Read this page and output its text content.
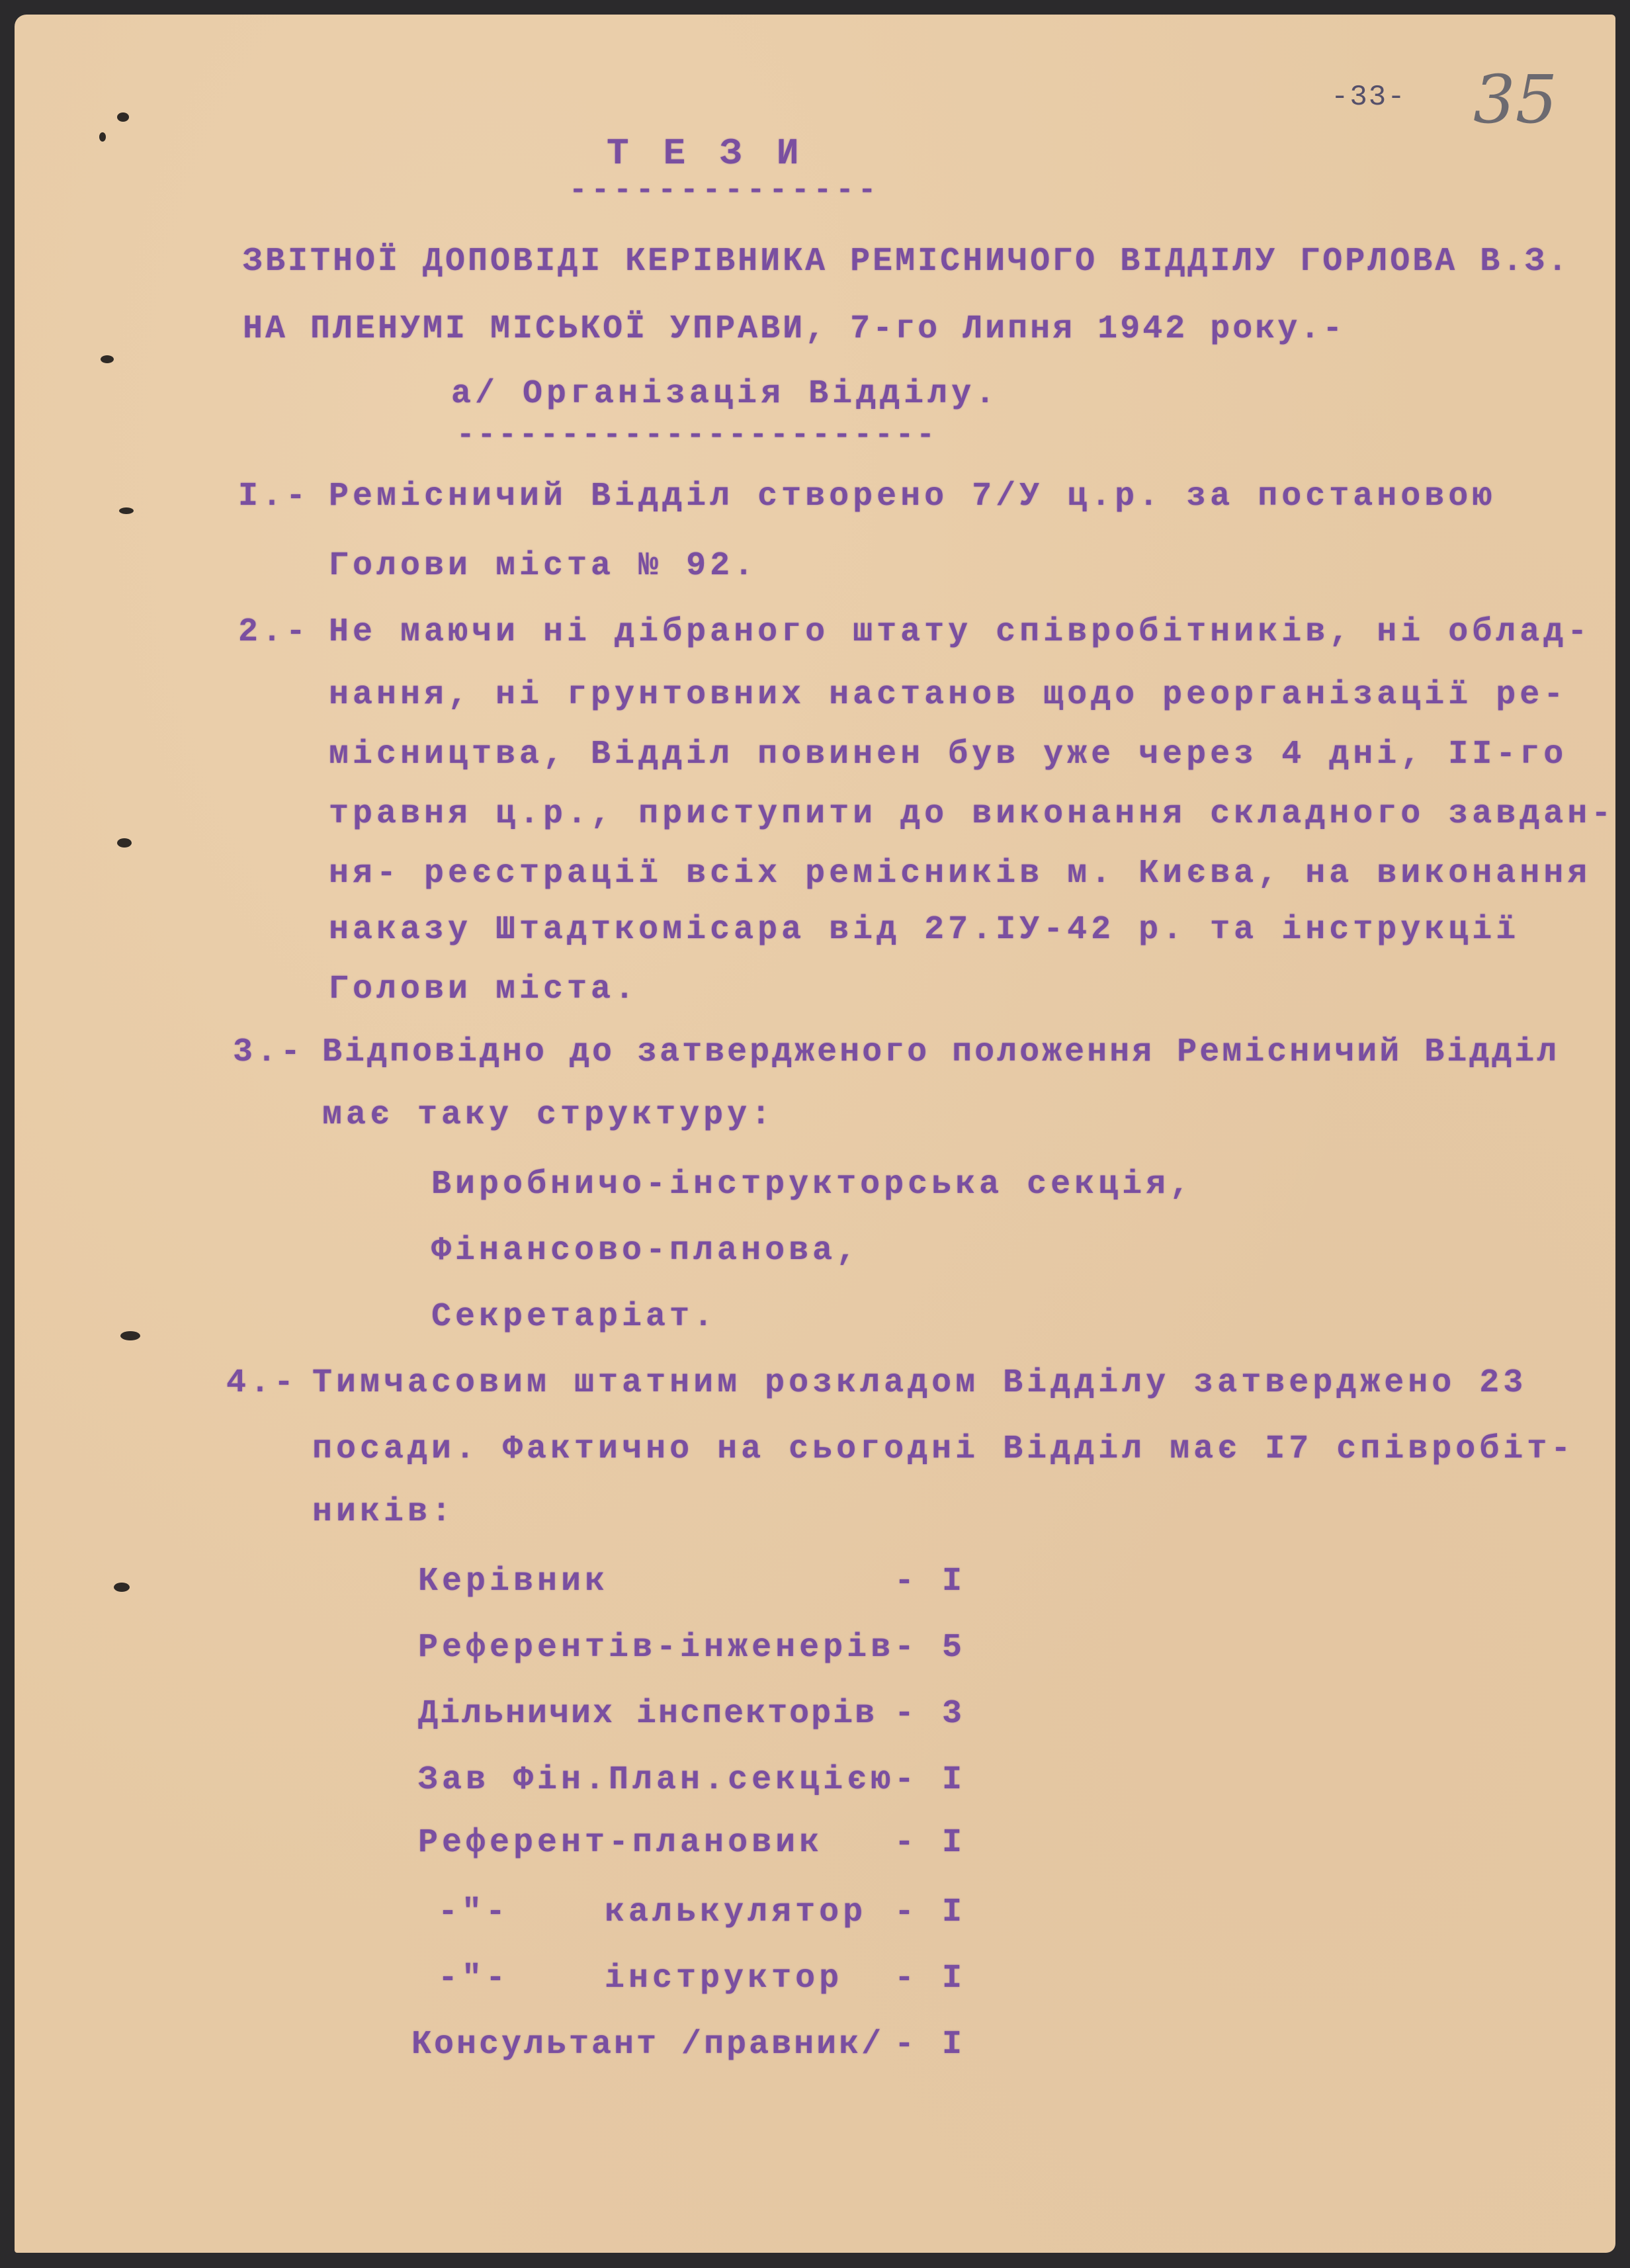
-33- 35
ТЕЗИ
--------------
ЗВІТНОЇ ДОПОВІДІ КЕРІВНИКА РЕМІСНИЧОГО ВІДДІЛУ ГОРЛОВА В.З.
НА ПЛЕНУМІ МІСЬКОЇ УПРАВИ, 7-го Липня 1942 року.-
а/ Організація Відділу.
-----------------------
I.- Ремісничий Відділ створено 7/У ц.р. за постановою
Голови міста № 92.
2.- Не маючи ні дібраного штату співробітників, ні облад-
нання, ні грунтовних настанов щодо реорганізації ре-
місництва, Відділ повинен був уже через 4 дні, II-го
травня ц.р., приступити до виконання складного завдан-
ня- реєстрації всіх ремісників м. Києва, на виконання
наказу Штадткомісара від 27.IУ-42 р. та інструкції
Голови міста.
3.- Відповідно до затвердженого положення Ремісничий Відділ
має таку структуру:
Виробничо-інструкторська секція,
Фінансово-планова,
Секретаріат.
4.- Тимчасовим штатним розкладом Відділу затверджено 23
посади. Фактично на сьогодні Відділ має I7 співробіт-
ників:
Керівник	- I
Референтів-інженерів - 5
Дільничих інспекторів - 3
Зав Фін.План.секцією - I
Референт-плановик - I
-"-    калькулятор - I
-"-    інструктор - I
Консультант /правник/ - I
